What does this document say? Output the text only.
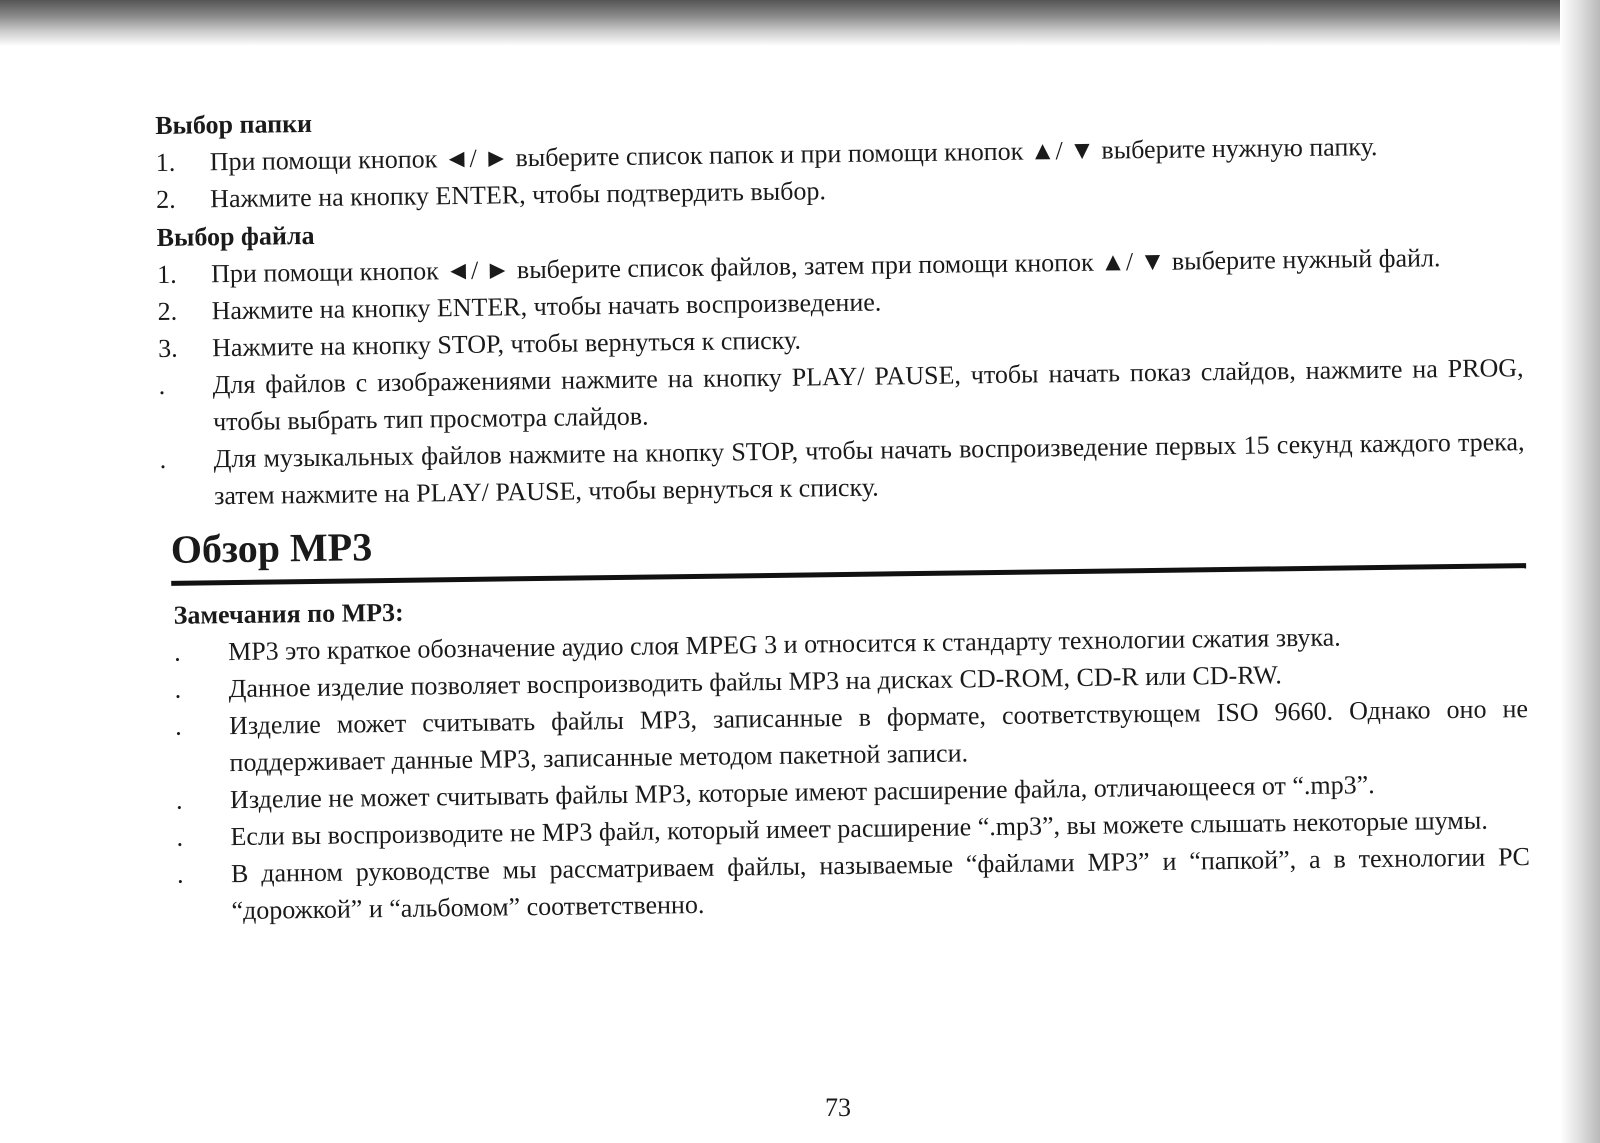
Выбор папки
1.	При помощи кнопок ◄/ ► выберите список папок и при помощи кнопок ▲/ ▼ выберите нужную папку.
2.	Нажмите на кнопку ENTER, чтобы подтвердить выбор.
Выбор файла
1.	При помощи кнопок ◄/ ► выберите список файлов, затем при помощи кнопок ▲/ ▼ выберите нужный файл.
2.	Нажмите на кнопку ENTER, чтобы начать воспроизведение.
3.	Нажмите на кнопку STOP, чтобы вернуться к списку.
.	Для файлов с изображениями нажмите на кнопку PLAY/ PAUSE, чтобы начать показ слайдов, нажмите на PROG, чтобы выбрать тип просмотра слайдов.
.	Для музыкальных файлов нажмите на кнопку STOP, чтобы начать воспроизведение первых 15 секунд каждого трека, затем нажмите на PLAY/ PAUSE, чтобы вернуться к списку.
Обзор MP3
Замечания по MP3:
.	MP3 это краткое обозначение аудио слоя MPEG 3 и относится к стандарту технологии сжатия звука.
.	Данное изделие позволяет воспроизводить файлы MP3 на дисках CD-ROM, CD-R или CD-RW.
.	Изделие может считывать файлы MP3, записанные в формате, соответствующем ISO 9660. Однако оно не поддерживает данные MP3, записанные методом пакетной записи.
.	Изделие не может считывать файлы MP3, которые имеют расширение файла, отличающееся от “.mp3”.
.	Если вы воспроизводите не MP3 файл, который имеет расширение “.mp3”, вы можете слышать некоторые шумы.
.	В данном руководстве мы рассматриваем файлы, называемые “файлами MP3” и “папкой”, а в технологии PC “дорожкой” и “альбомом” соответственно.
73
